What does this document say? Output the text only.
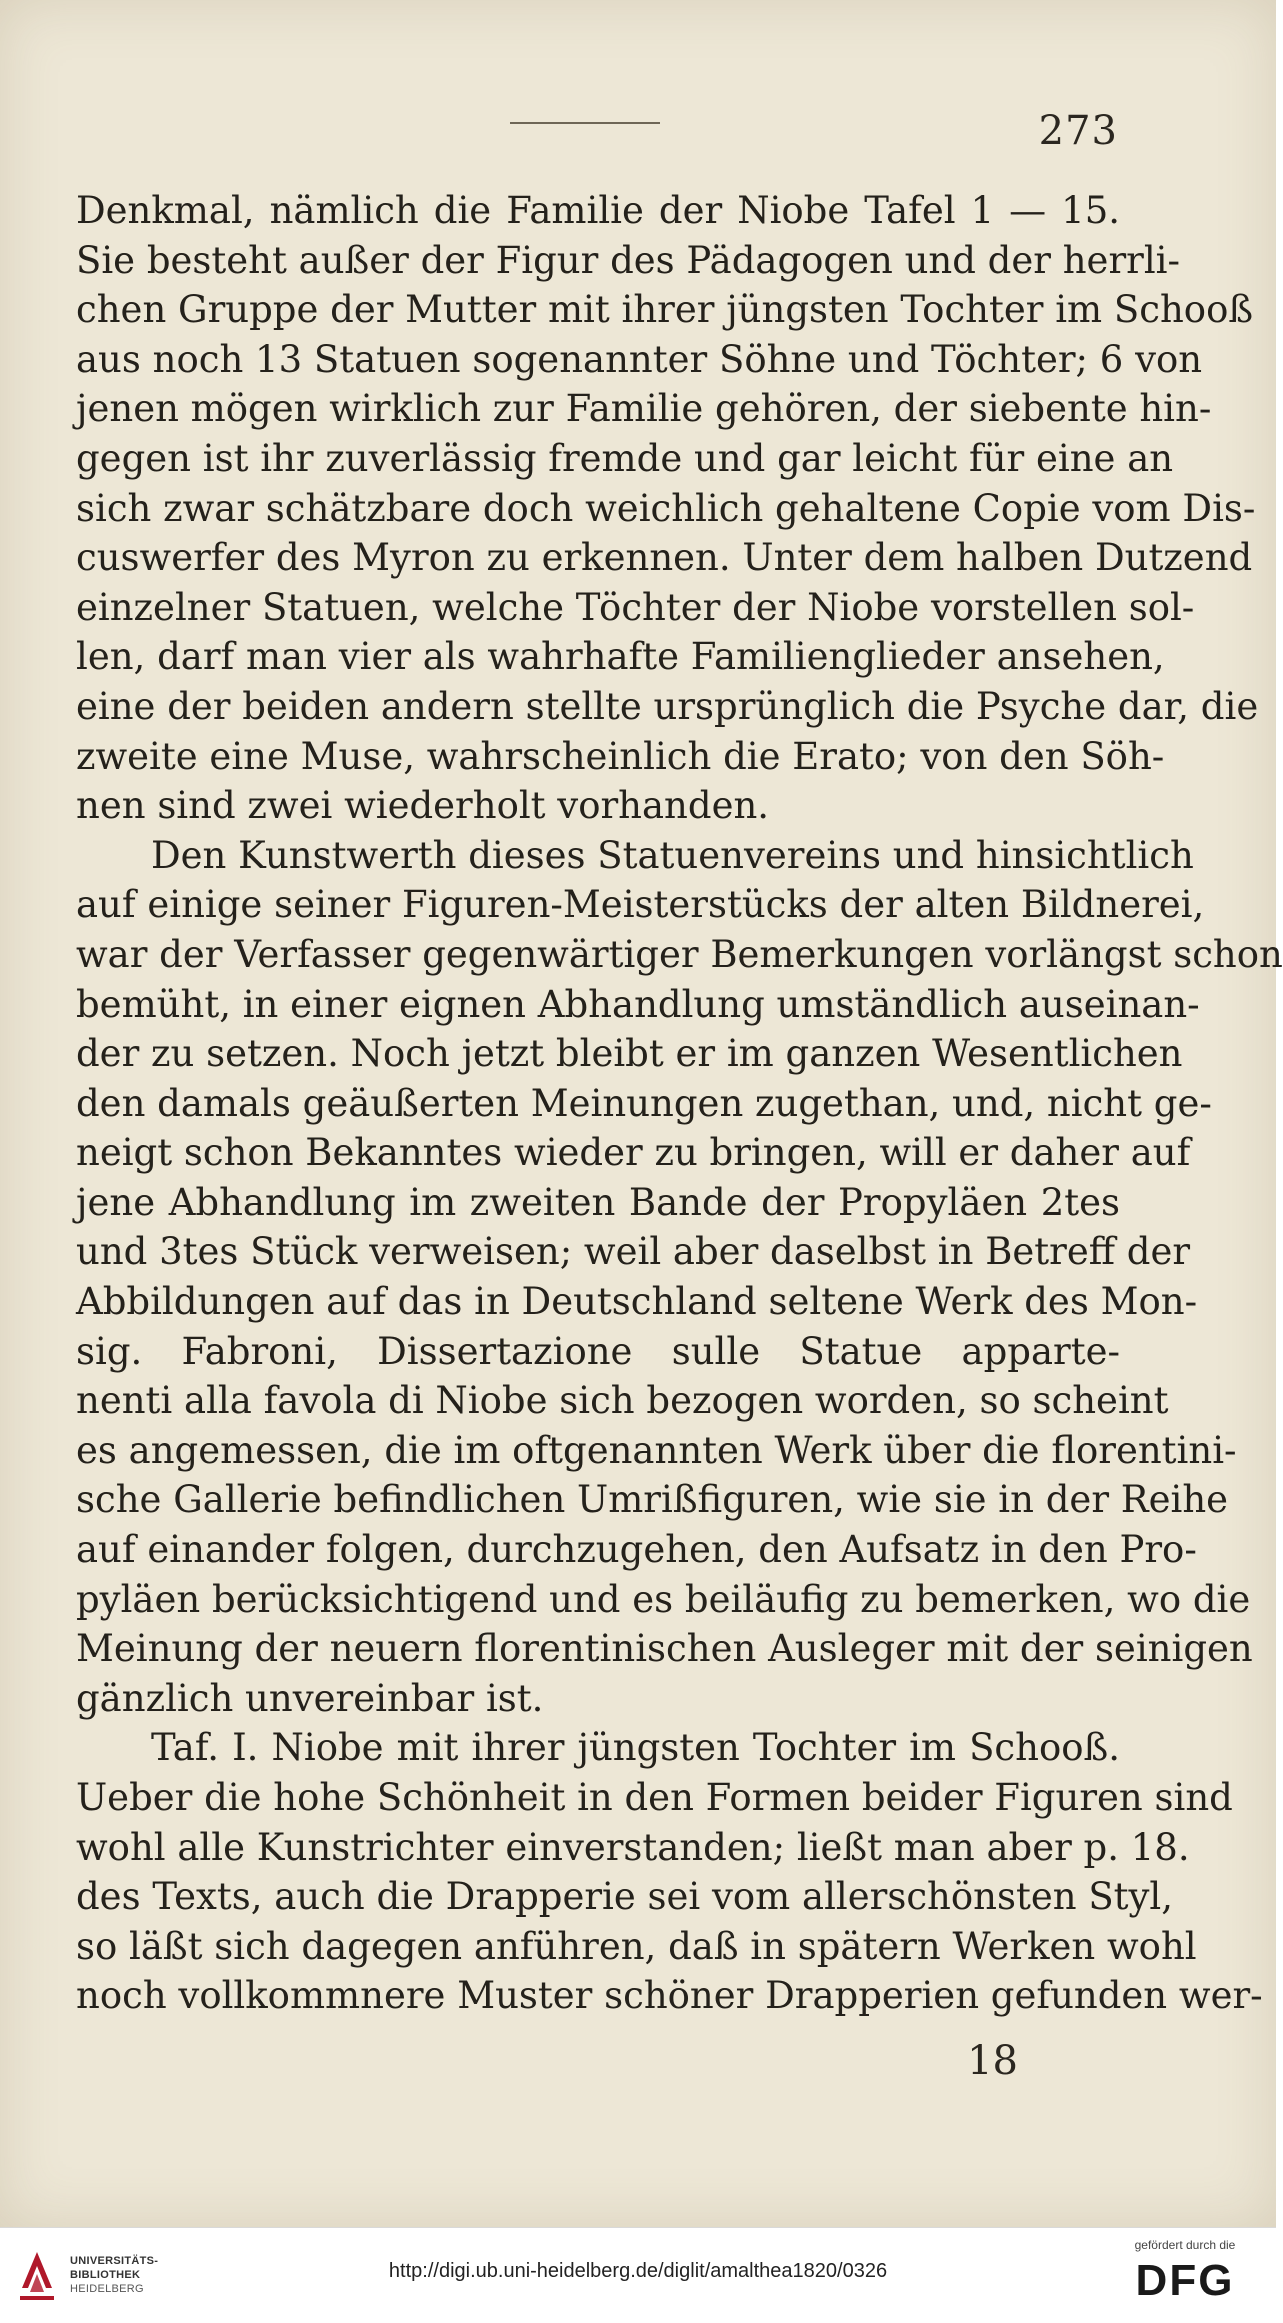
273

Denkmal, nämlich die Familie der Niobe Tafel 1 — 15.
Sie besteht außer der Figur des Pädagogen und der herrli-
chen Gruppe der Mutter mit ihrer jüngsten Tochter im Schooß
aus noch 13 Statuen sogenannter Söhne und Töchter; 6 von
jenen mögen wirklich zur Familie gehören, der siebente hin-
gegen ist ihr zuverlässig fremde und gar leicht für eine an
sich zwar schätzbare doch weichlich gehaltene Copie vom Dis-
cuswerfer des Myron zu erkennen. Unter dem halben Dutzend
einzelner Statuen, welche Töchter der Niobe vorstellen sol-
len, darf man vier als wahrhafte Familienglieder ansehen,
eine der beiden andern stellte ursprünglich die Psyche dar, die
zweite eine Muse, wahrscheinlich die Erato; von den Söh-
nen sind zwei wiederholt vorhanden.

Den Kunstwerth dieses Statuenvereins und hinsichtlich
auf einige seiner Figuren-Meisterstücks der alten Bildnerei,
war der Verfasser gegenwärtiger Bemerkungen vorlängst schon
bemüht, in einer eignen Abhandlung umständlich auseinan-
der zu setzen. Noch jetzt bleibt er im ganzen Wesentlichen
den damals geäußerten Meinungen zugethan, und, nicht ge-
neigt schon Bekanntes wieder zu bringen, will er daher auf
jene Abhandlung im zweiten Bande der Propyläen 2tes
und 3tes Stück verweisen; weil aber daselbst in Betreff der
Abbildungen auf das in Deutschland seltene Werk des Mon-
sig. Fabroni, Dissertazione sulle Statue apparte-
nenti alla favola di Niobe sich bezogen worden, so scheint
es angemessen, die im oftgenannten Werk über die florentini-
sche Gallerie befindlichen Umrißfiguren, wie sie in der Reihe
auf einander folgen, durchzugehen, den Aufsatz in den Pro-
pyläen berücksichtigend und es beiläufig zu bemerken, wo die
Meinung der neuern florentinischen Ausleger mit der seinigen
gänzlich unvereinbar ist.

Taf. I. Niobe mit ihrer jüngsten Tochter im Schooß.
Ueber die hohe Schönheit in den Formen beider Figuren sind
wohl alle Kunstrichter einverstanden; ließt man aber p. 18.
des Texts, auch die Drapperie sei vom allerschönsten Styl,
so läßt sich dagegen anführen, daß in spätern Werken wohl
noch vollkommnere Muster schöner Drapperien gefunden wer-

18
UNIVERSITÄTS-
BIBLIOTHEK
HEIDELBERG
http://digi.ub.uni-heidelberg.de/diglit/amalthea1820/0326
gefördert durch die
DFG
